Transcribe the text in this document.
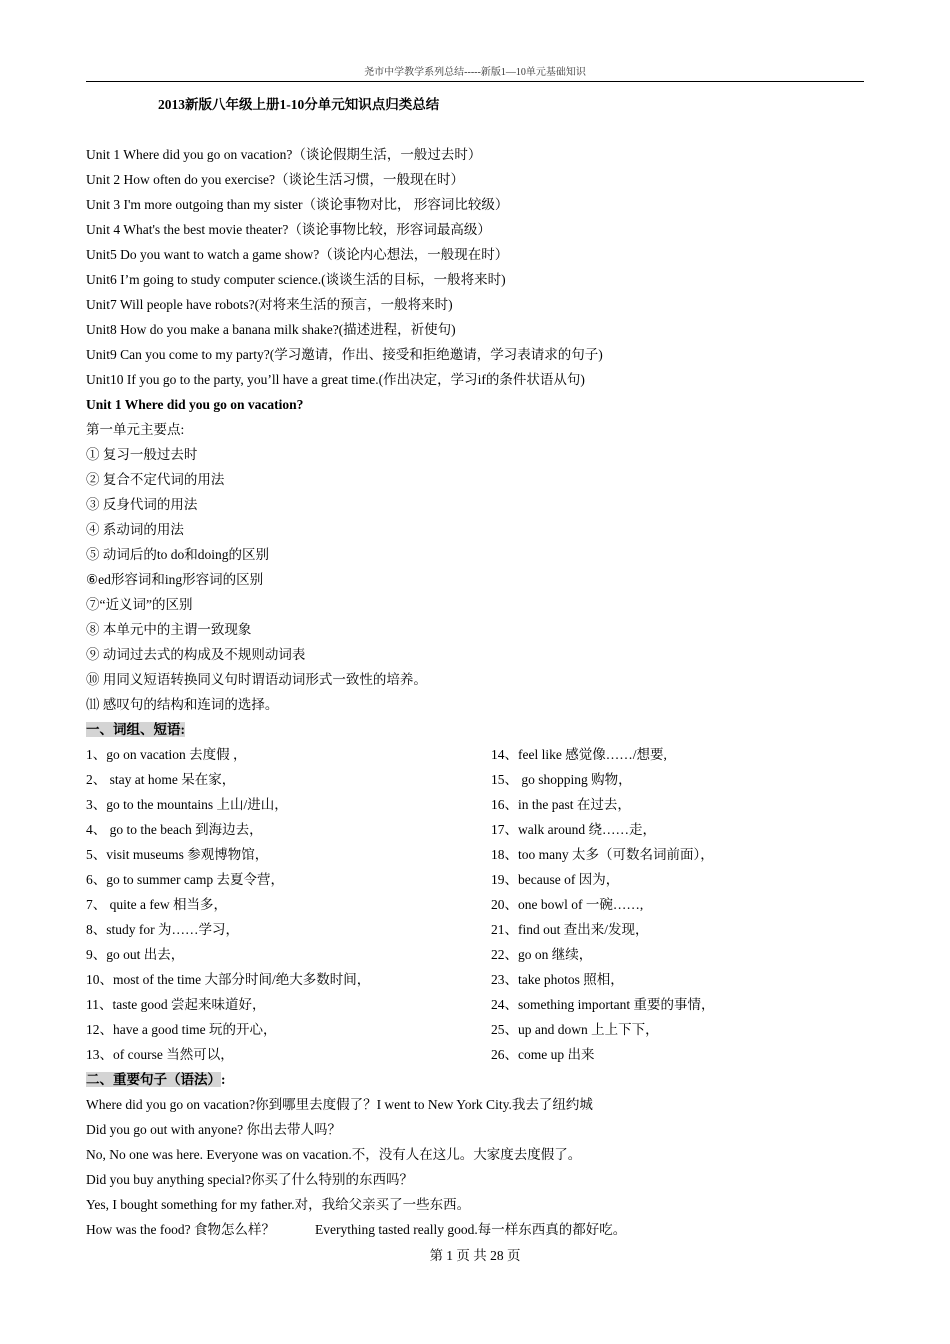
尧市中学教学系列总结-----新版1—10单元基础知识
2013新版八年级上册1-10分单元知识点归类总结
Unit 1 Where did you go on vacation?（谈论假期生活，一般过去时）
Unit 2 How often do you exercise?（谈论生活习惯，一般现在时）
Unit 3 I'm more outgoing than my sister（谈论事物对比， 形容词比较级）
Unit 4 What's the best movie theater?（谈论事物比较，形容词最高级）
Unit5 Do you want to watch a game show?（谈论内心想法，一般现在时）
Unit6 I’m going to study computer science.(谈谈生活的目标，一般将来时)
Unit7 Will people have robots?(对将来生活的预言，一般将来时)
Unit8 How do you make a banana milk shake?(描述进程，祈使句)
Unit9 Can you come to my party?(学习邀请，作出、接受和拒绝邀请，学习表请求的句子)
Unit10 If you go to the party, you’ll have a great time.(作出决定，学习if的条件状语从句)
Unit 1 Where did you go on vacation?
第一单元主要点:
① 复习一般过去时
② 复合不定代词的用法
③ 反身代词的用法
④ 系动词的用法
⑤ 动词后的to do和doing的区别
⑥ed形容词和ing形容词的区别
⑦“近义词”的区别
⑧ 本单元中的主谓一致现象
⑨ 动词过去式的构成及不规则动词表
⑩ 用同义短语转换同义句时谓语动词形式一致性的培养。
⑾ 感叹句的结构和连词的选择。
一、词组、短语:
1、go on vacation 去度假 ，
2、 stay at home 呆在家，
3、go to the mountains 上山/进山，
4、 go to the beach 到海边去，
5、visit museums 参观博物馆，
6、go to summer camp 去夏令营，
7、 quite a few 相当多，
8、study for 为……学习，
9、go out 出去，
10、most of the time 大部分时间/绝大多数时间，
11、taste good 尝起来味道好，
12、have a good time 玩的开心，
13、of course 当然可以，
14、feel like 感觉像……/想要,
15、 go shopping 购物，
16、in the past 在过去，
17、walk around 绕……走，
18、too many 太多（可数名词前面），
19、because of 因为，
20、one bowl of 一碗……,
21、find out 查出来/发现，
22、go on 继续，
23、take photos 照相，
24、something important 重要的事情，
25、up and down 上上下下，
26、come up 出来
二、重要句子（语法）:
Where did you go on vacation?你到哪里去度假了？I went to New York City.我去了纽约城
Did you go out with anyone? 你出去带人吗？
No, No one was here. Everyone was on vacation.不，没有人在这儿。大家度去度假了。
Did you buy anything special?你买了什么特别的东西吗？
Yes, I bought something for my father.对，我给父亲买了一些东西。
How was the food? 食物怎么样？	Everything tasted really good.每一样东西真的都好吃。
第 1 页 共 28 页
